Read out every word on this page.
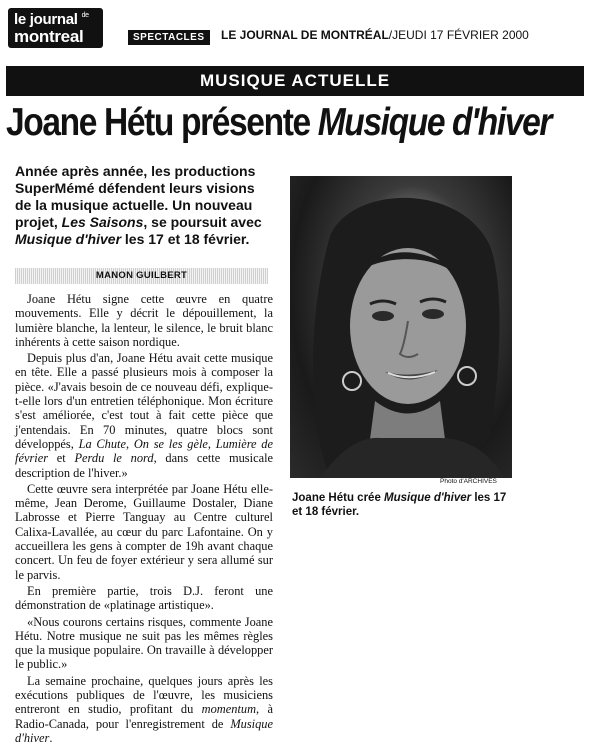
le journal $^{de}$
montreal	SPECTACLES	LE JOURNAL DE MONTRÉAL/JEUDI 17 FÉVRIER 2000
MUSIQUE ACTUELLE
Joane Hétu présente Musique d'hiver

Année après année, les productions SuperMémé défendent leurs visions de la musique actuelle. Un nouveau projet, Les Saisons, se poursuit avec Musique d'hiver les 17 et 18 février.

MANON GUILBERT

Joane Hétu signe cette œuvre en quatre mouvements. Elle y décrit le dépouillement, la lumière blanche, la lenteur, le silence, le bruit blanc inhérents à cette saison nordique.

Depuis plus d'an, Joane Hétu avait cette musique en tête. Elle a passé plusieurs mois à composer la pièce. «J'avais besoin de ce nouveau défi, explique-t-elle lors d'un entretien téléphonique. Mon écriture s'est améliorée, c'est tout à fait cette pièce que j'entendais. En 70 minutes, quatre blocs sont développés, La Chute, On se les gèle, Lumière de février et Perdu le nord, dans cette musicale description de l'hiver.»

Cette œuvre sera interprétée par Joane Hétu elle-même, Jean Derome, Guillaume Dostaler, Diane Labrosse et Pierre Tanguay au Centre culturel Calixa-Lavallée, au cœur du parc Lafontaine. On y accueillera les gens à compter de 19h avant chaque concert. Un feu de foyer extérieur y sera allumé sur le parvis.

En première partie, trois D.J. feront une démonstration de «platinage artistique».

«Nous courons certains risques, commente Joane Hétu. Notre musique ne suit pas les mêmes règles que la musique populaire. On travaille à développer le public.»

La semaine prochaine, quelques jours après les exécutions publiques de l'œuvre, les musiciens entreront en studio, profitant du momentum, à Radio-Canada, pour l'enregistrement de Musique d'hiver.

Photo d'ARCHIVES

Joane Hétu crée Musique d'hiver les 17 et 18 février.
